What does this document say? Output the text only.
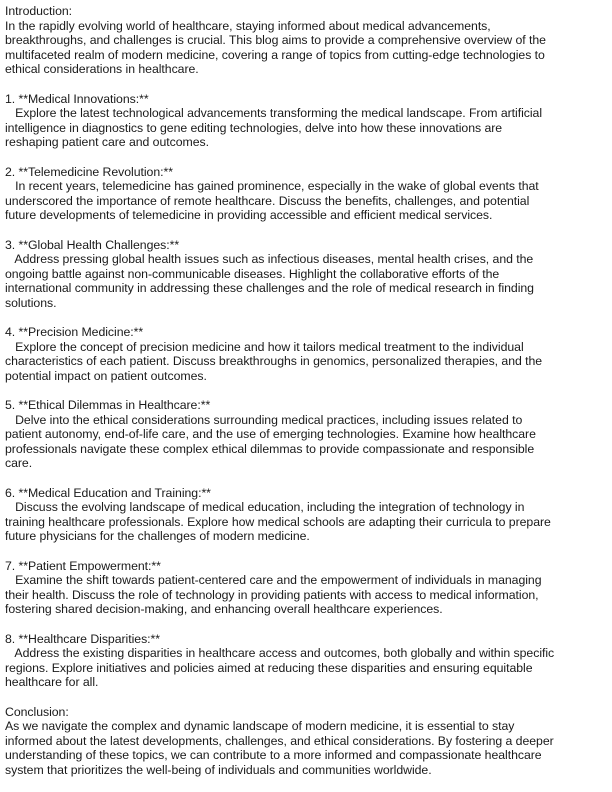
Introduction:
In the rapidly evolving world of healthcare, staying informed about medical advancements,
breakthroughs, and challenges is crucial. This blog aims to provide a comprehensive overview of the
multifaceted realm of modern medicine, covering a range of topics from cutting-edge technologies to
ethical considerations in healthcare.
1. **Medical Innovations:**
Explore the latest technological advancements transforming the medical landscape. From artificial
intelligence in diagnostics to gene editing technologies, delve into how these innovations are
reshaping patient care and outcomes.
2. **Telemedicine Revolution:**
In recent years, telemedicine has gained prominence, especially in the wake of global events that
underscored the importance of remote healthcare. Discuss the benefits, challenges, and potential
future developments of telemedicine in providing accessible and efficient medical services.
3. **Global Health Challenges:**
Address pressing global health issues such as infectious diseases, mental health crises, and the
ongoing battle against non-communicable diseases. Highlight the collaborative efforts of the
international community in addressing these challenges and the role of medical research in finding
solutions.
4. **Precision Medicine:**
Explore the concept of precision medicine and how it tailors medical treatment to the individual
characteristics of each patient. Discuss breakthroughs in genomics, personalized therapies, and the
potential impact on patient outcomes.
5. **Ethical Dilemmas in Healthcare:**
Delve into the ethical considerations surrounding medical practices, including issues related to
patient autonomy, end-of-life care, and the use of emerging technologies. Examine how healthcare
professionals navigate these complex ethical dilemmas to provide compassionate and responsible
care.
6. **Medical Education and Training:**
Discuss the evolving landscape of medical education, including the integration of technology in
training healthcare professionals. Explore how medical schools are adapting their curricula to prepare
future physicians for the challenges of modern medicine.
7. **Patient Empowerment:**
Examine the shift towards patient-centered care and the empowerment of individuals in managing
their health. Discuss the role of technology in providing patients with access to medical information,
fostering shared decision-making, and enhancing overall healthcare experiences.
8. **Healthcare Disparities:**
Address the existing disparities in healthcare access and outcomes, both globally and within specific
regions. Explore initiatives and policies aimed at reducing these disparities and ensuring equitable
healthcare for all.
Conclusion:
As we navigate the complex and dynamic landscape of modern medicine, it is essential to stay
informed about the latest developments, challenges, and ethical considerations. By fostering a deeper
understanding of these topics, we can contribute to a more informed and compassionate healthcare
system that prioritizes the well-being of individuals and communities worldwide.
